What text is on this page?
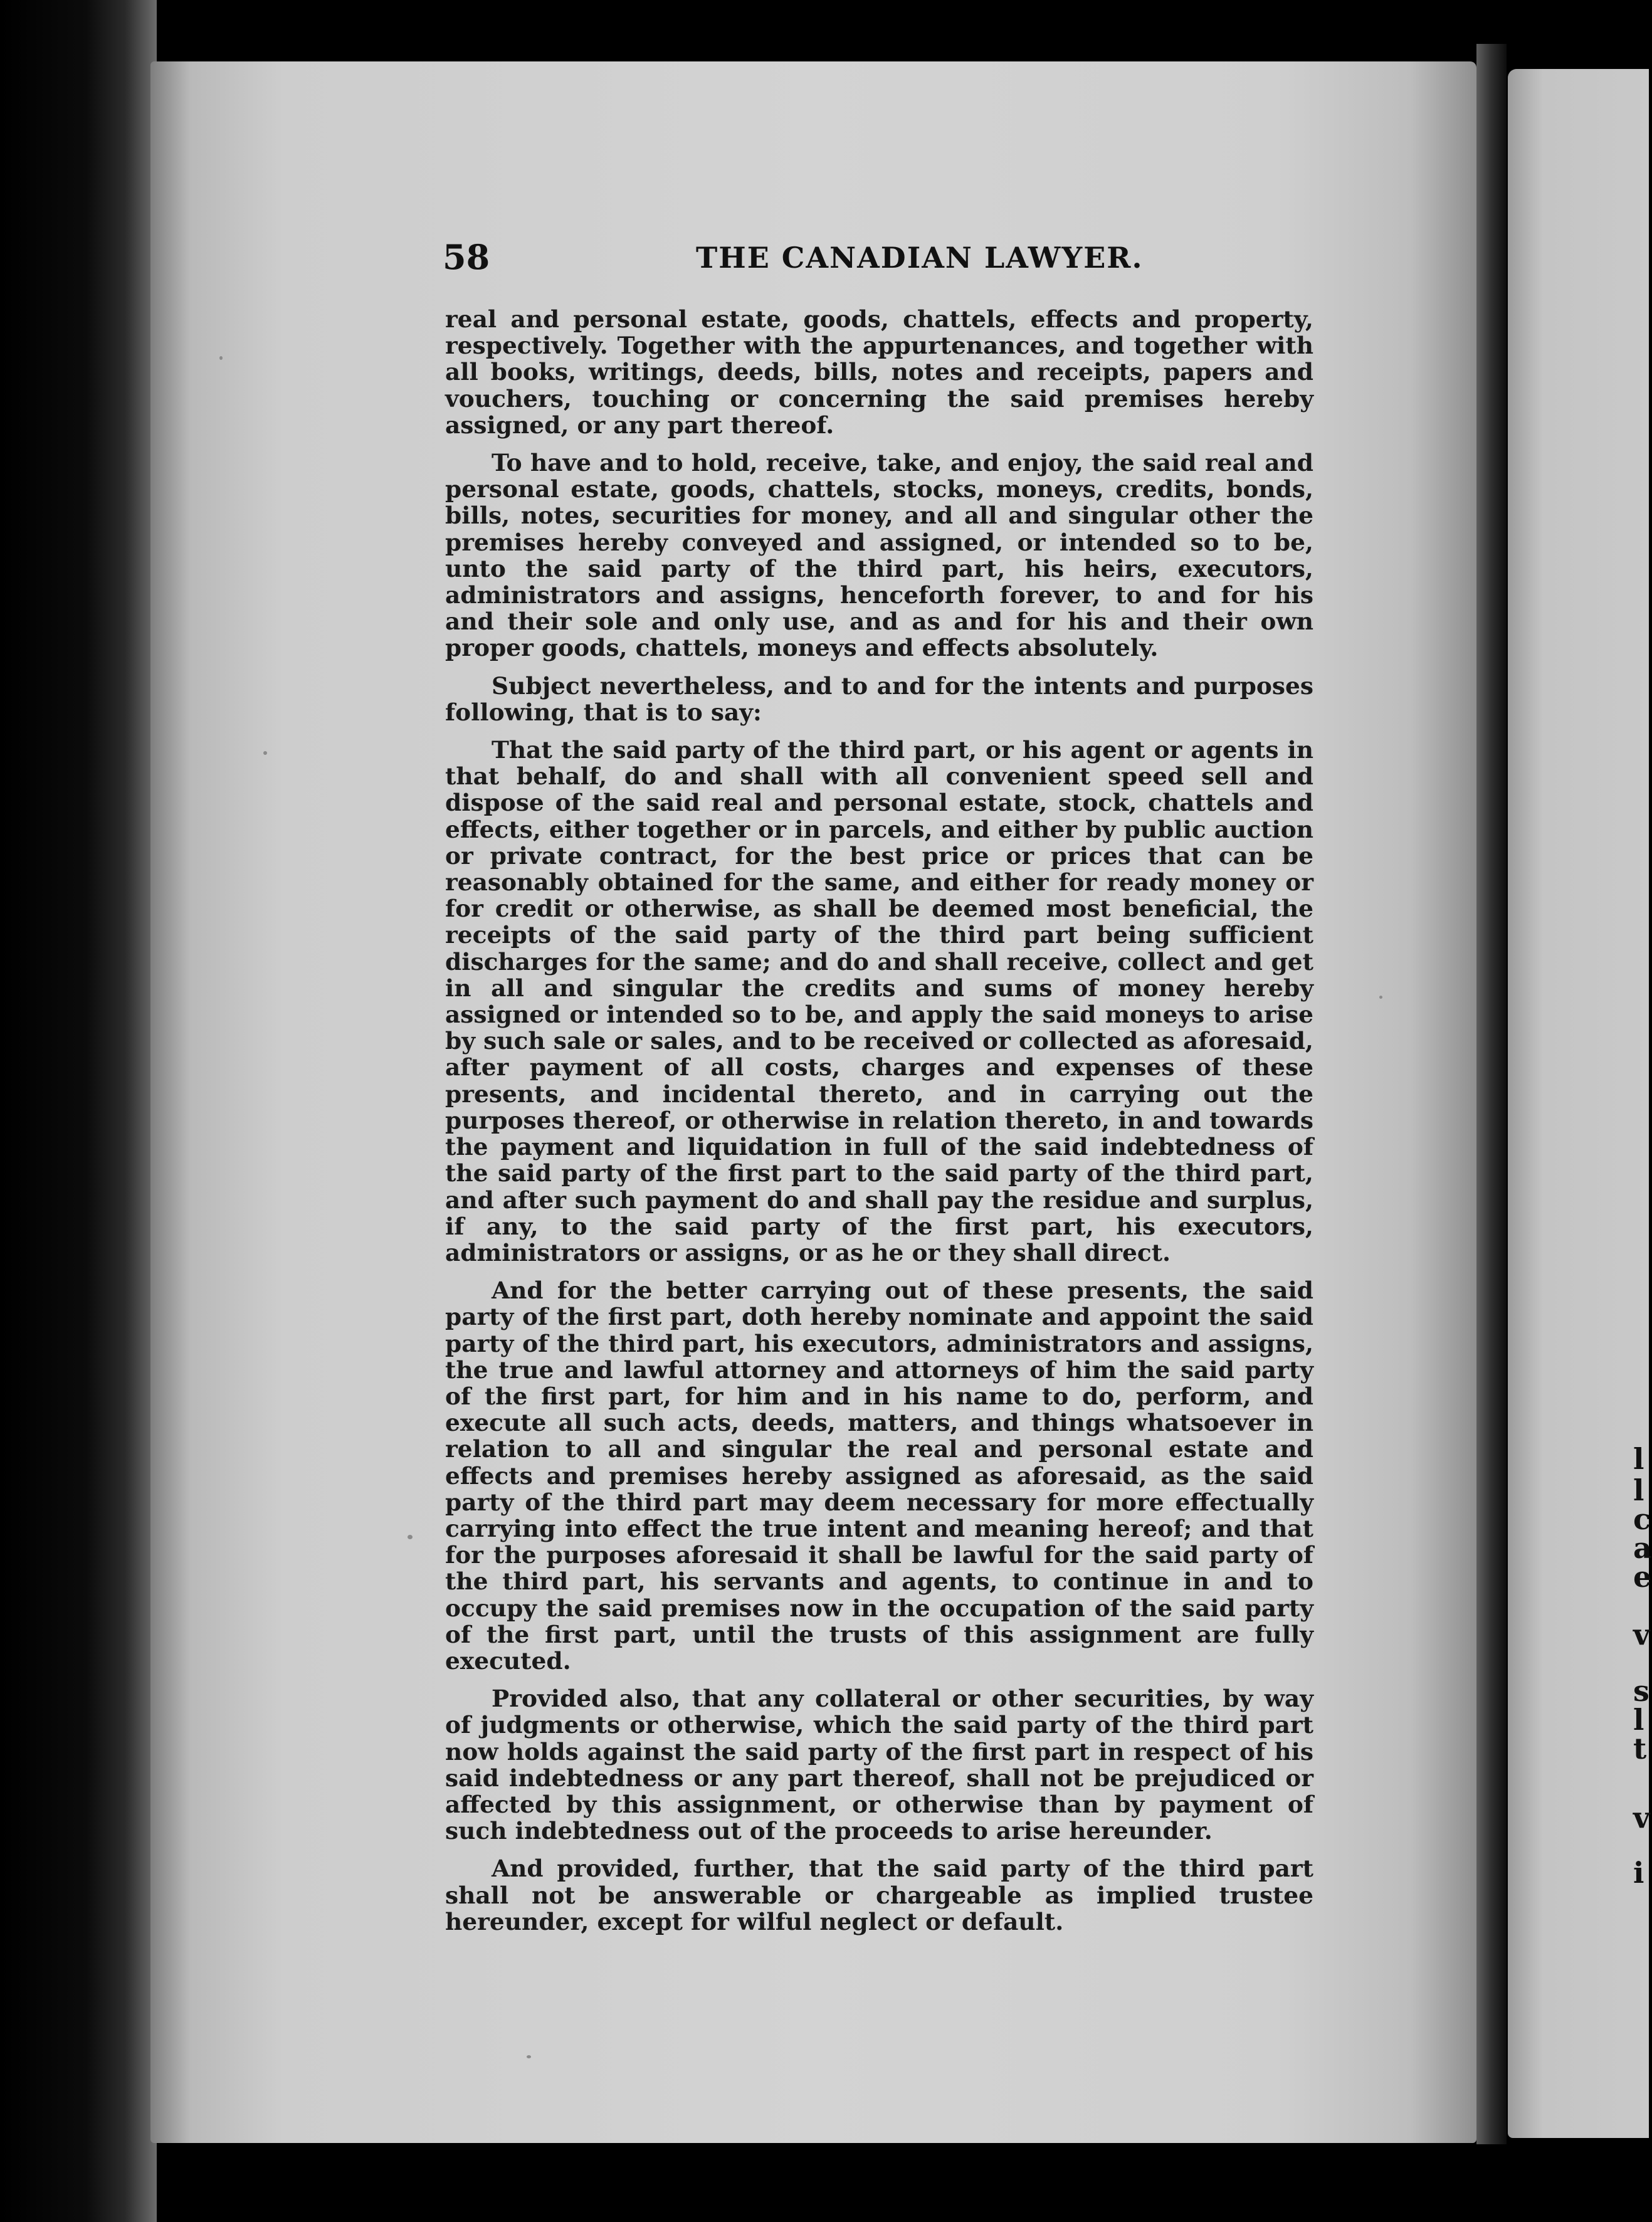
l
l
c
a
e
v
s
l
t
v
i
58	THE CANADIAN LAWYER.

real and personal estate, goods, chattels, effects and property, respectively. Together with the appurtenances, and together with all books, writings, deeds, bills, notes and receipts, papers and vouchers, touching or concerning the said premises hereby assigned, or any part thereof.

To have and to hold, receive, take, and enjoy, the said real and personal estate, goods, chattels, stocks, moneys, credits, bonds, bills, notes, securities for money, and all and singular other the premises hereby conveyed and assigned, or intended so to be, unto the said party of the third part, his heirs, executors, administrators and assigns, henceforth forever, to and for his and their sole and only use, and as and for his and their own proper goods, chattels, moneys and effects absolutely.

Subject nevertheless, and to and for the intents and purposes following, that is to say:

That the said party of the third part, or his agent or agents in that behalf, do and shall with all convenient speed sell and dispose of the said real and personal estate, stock, chattels and effects, either together or in parcels, and either by public auction or private contract, for the best price or prices that can be reasonably obtained for the same, and either for ready money or for credit or otherwise, as shall be deemed most beneficial, the receipts of the said party of the third part being sufficient discharges for the same; and do and shall receive, collect and get in all and singular the credits and sums of money hereby assigned or intended so to be, and apply the said moneys to arise by such sale or sales, and to be received or collected as aforesaid, after payment of all costs, charges and expenses of these presents, and incidental thereto, and in carrying out the purposes thereof, or otherwise in relation thereto, in and towards the payment and liquidation in full of the said indebtedness of the said party of the first part to the said party of the third part, and after such payment do and shall pay the residue and surplus, if any, to the said party of the first part, his executors, administrators or assigns, or as he or they shall direct.

And for the better carrying out of these presents, the said party of the first part, doth hereby nominate and appoint the said party of the third part, his executors, administrators and assigns, the true and lawful attorney and attorneys of him the said party of the first part, for him and in his name to do, perform, and execute all such acts, deeds, matters, and things whatsoever in relation to all and singular the real and personal estate and effects and premises hereby assigned as aforesaid, as the said party of the third part may deem necessary for more effectually carrying into effect the true intent and meaning hereof; and that for the purposes aforesaid it shall be lawful for the said party of the third part, his servants and agents, to continue in and to occupy the said premises now in the occupation of the said party of the first part, until the trusts of this assignment are fully executed.

Provided also, that any collateral or other securities, by way of judgments or otherwise, which the said party of the third part now holds against the said party of the first part in respect of his said indebtedness or any part thereof, shall not be prejudiced or affected by this assignment, or otherwise than by payment of such indebtedness out of the proceeds to arise hereunder.

And provided, further, that the said party of the third part shall not be answerable or chargeable as implied trustee hereunder, except for wilful neglect or default.
